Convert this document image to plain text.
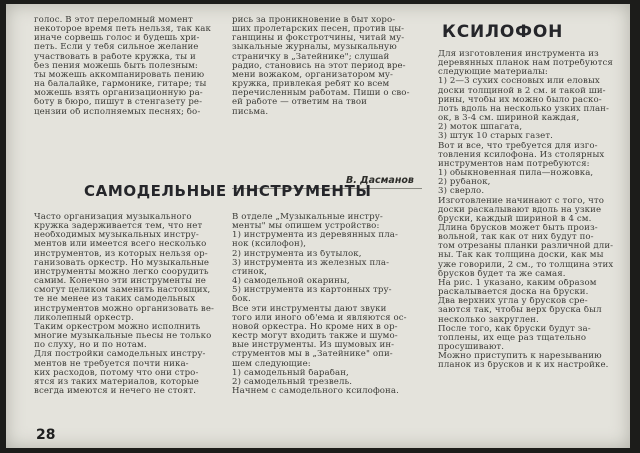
голос. В этот переломный момент
некоторое время петь нельзя, так как
иначе сорвешь голос и будешь хри-
петь. Если у тебя сильное желание
участвовать в работе кружка, ты и
без пения можешь быть полезным:
ты можешь аккомпанировать пению
на балалайке, гармонике, гитаре; ты
можешь взять организационную ра-
боту в бюро, пишут в стенгазету ре-
цензии об исполняемых песнях; бо-
рись за проникновение в быт хоро-
ших пролетарских песен, против цы-
ганщины и фокстротчины, читай му-
зыкальные журналы, музыкальную
страничку в „Затейнике"; слушай
радио, становись на этот период вре-
мени вожаком, организатором му-
кружка, привлекая ребят ко всем
перечисленным работам. Пиши о сво-
ей работе — ответим на твои
письма.
В. Дасманов
САМОДЕЛЬНЫЕ ИНСТРУМЕНТЫ
Часто организация музыкального
кружка задерживается тем, что нет
необходимых музыкальных инстру-
ментов или имеется всего несколько
инструментов, из которых нельзя ор-
ганизовать оркестр. Но музыкальные
инструменты можно легко соорудить
самим. Конечно эти инструменты не
смогут целиком заменить настоящих,
те не менее из таких самодельных
инструментов можно организовать ве-
ликолепный оркестр.
Таким оркестром можно исполнить
многие музыкальные пьесы не только
по слуху, но и по нотам.
Для постройки самодельных инстру-
ментов не требуется почти ника-
ких расходов, потому что они стро-
ятся из таких материалов, которые
всегда имеются и нечего не стоят.
В отделе „Музыкальные инстру-
менты" мы опишем устройство:
1) инструмента из деревянных пла-
нок (ксилофон),
2) инструмента из бутылок,
3) инструмента из железных пла-
стинок,
4) самодельной окарины,
5) инструмента из картонных тру-
бок.
Все эти инструменты дают звуки
того или иного об'ема и являются ос-
новой оркестра. Но кроме них в ор-
кестр могут входить также и шумо-
вые инструменты. Из шумовых ин-
струментов мы в „Затейнике" опи-
шем следующие:
1) самодельный барабан,
2) самодельный трезвель.
Начнем с самодельного ксилофона.
КСИЛОФОН
Для изготовления инструмента из
деревянных планок нам потребуются
следующие материалы:
1) 2—3 сухих сосновых или еловых
доски толщиной в 2 см. и такой ши-
рины, чтобы их можно было раско-
лоть вдоль на несколько узких план-
ок, в 3-4 см. шириной каждая,
2) моток шпагата,
3) штук 10 старых газет.
Вот и все, что требуется для изго-
товления ксилофона. Из столярных
инструментов нам потребуются:
1) обыкновенная пила—ножовка,
2) рубанок,
3) сверло.
Изготовление начинают с того, что
доски раскалывают вдоль на узкие
бруски, каждый шириной в 4 см.
Длина брусков может быть произ-
вольной, так как от них будут по-
том отрезаны планки различной дли-
ны. Так как толщина доски, как мы
уже говорили, 2 см., то толщина этих
брусков будет та же самая.
На рис. 1 указано, каким образом
раскалывается доска на бруски.
Два верхних угла у брусков сре-
заются так, чтобы верх бруска был
несколько закруглен.
После того, как бруски будут за-
топлены, их еще раз тщательно
просушивают.
Можно приступить к нарезыванию
планок из брусков и к их настройке.
28
